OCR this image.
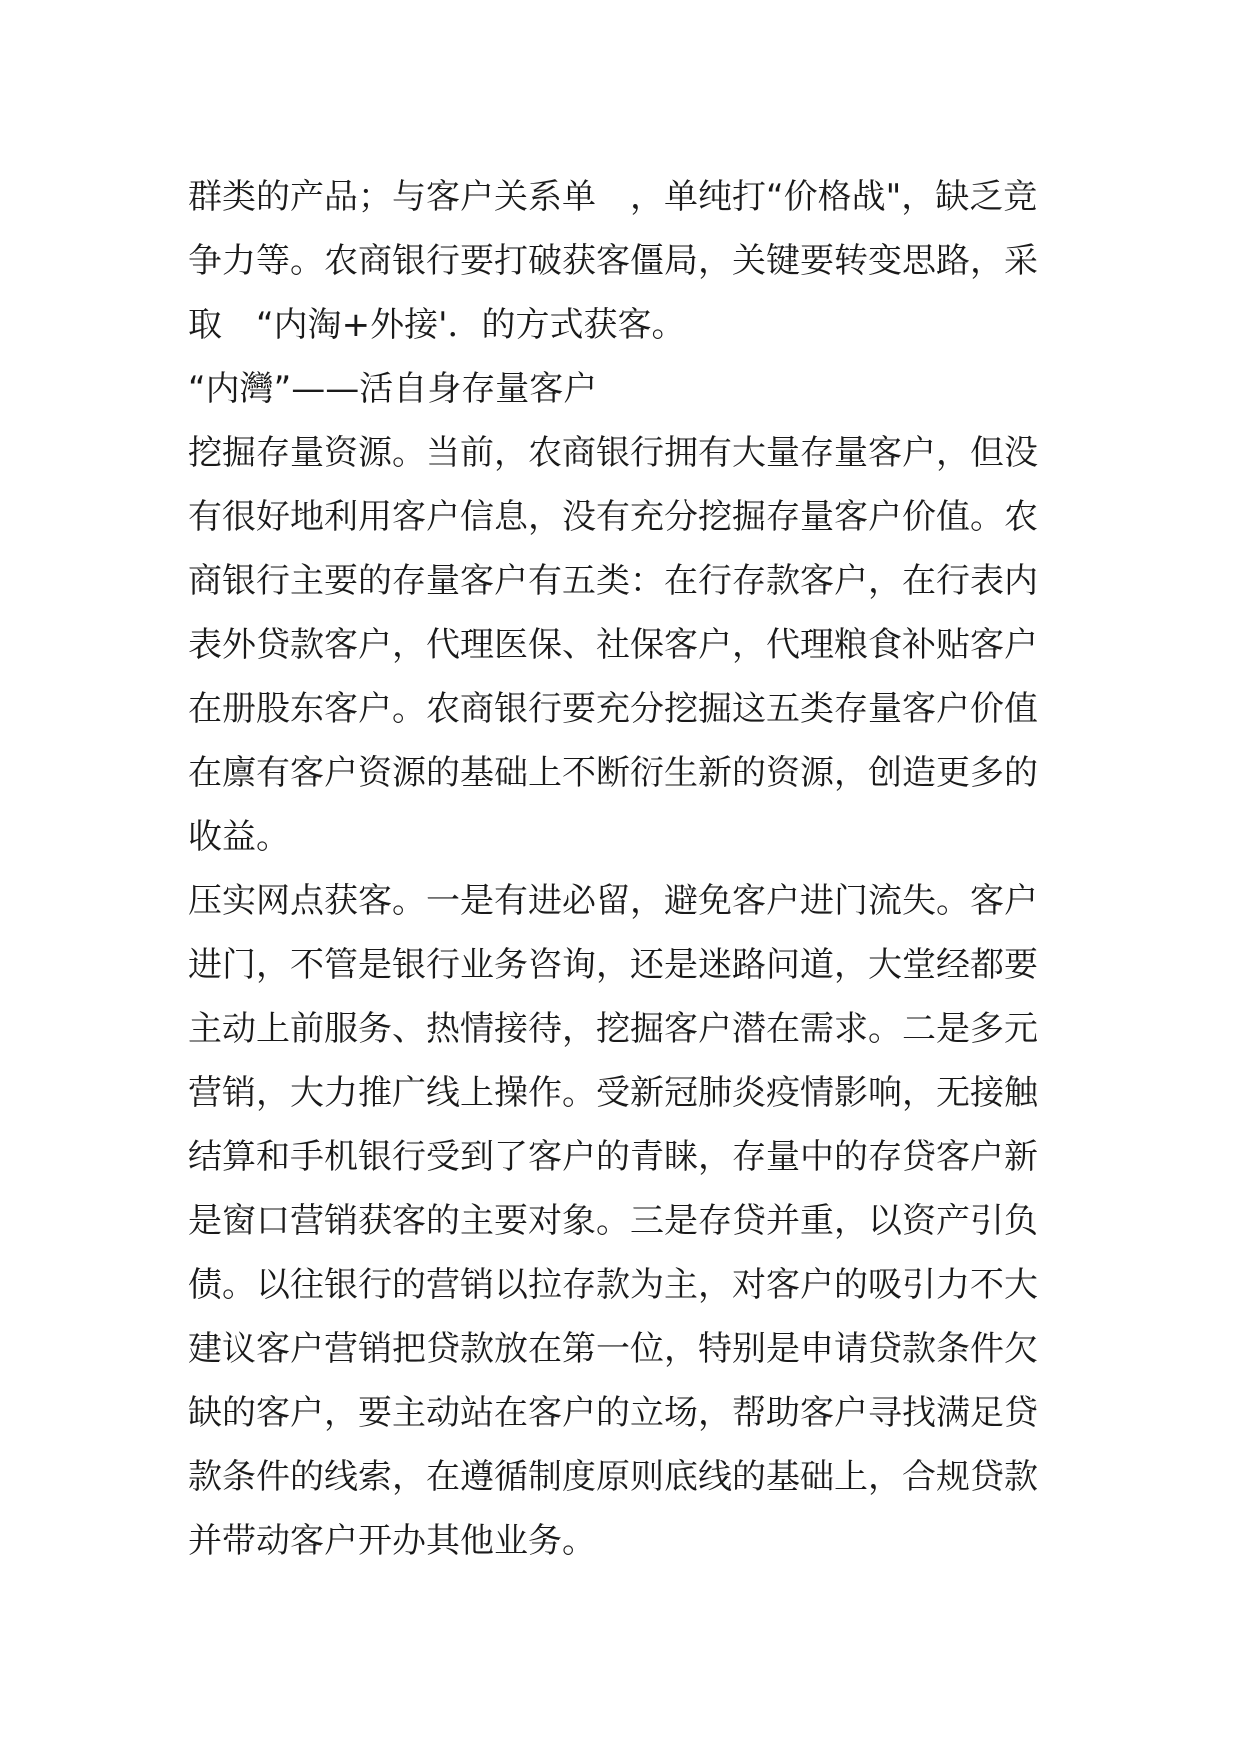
群类的产品；与客户关系单　，单纯打“价格战"，缺乏竞
争力等。农商银行要打破获客僵局，关键要转变思路，采
取　“内淘+外接'．的方式获客。
“内灣”——活自身存量客户
挖掘存量资源。当前，农商银行拥有大量存量客户，但没
有很好地利用客户信息，没有充分挖掘存量客户价值。农
商银行主要的存量客户有五类：在行存款客户，在行表内
表外贷款客户，代理医保、社保客户，代理粮食补贴客户
在册股东客户。农商银行要充分挖掘这五类存量客户价值
在廪有客户资源的基础上不断衍生新的资源，创造更多的
收益。
压实网点获客。一是有进必留，避免客户进门流失。客户
进门，不管是银行业务咨询，还是迷路问道，大堂经都要
主动上前服务、热情接待，挖掘客户潜在需求。二是多元
营销，大力推广线上操作。受新冠肺炎疫情影响，无接触
结算和手机银行受到了客户的青睐，存量中的存贷客户新
是窗口营销获客的主要对象。三是存贷并重，以资产引负
债。以往银行的营销以拉存款为主，对客户的吸引力不大
建议客户营销把贷款放在第一位，特别是申请贷款条件欠
缺的客户，要主动站在客户的立场，帮助客户寻找满足贷
款条件的线索，在遵循制度原则底线的基础上，合规贷款
并带动客户开办其他业务。
